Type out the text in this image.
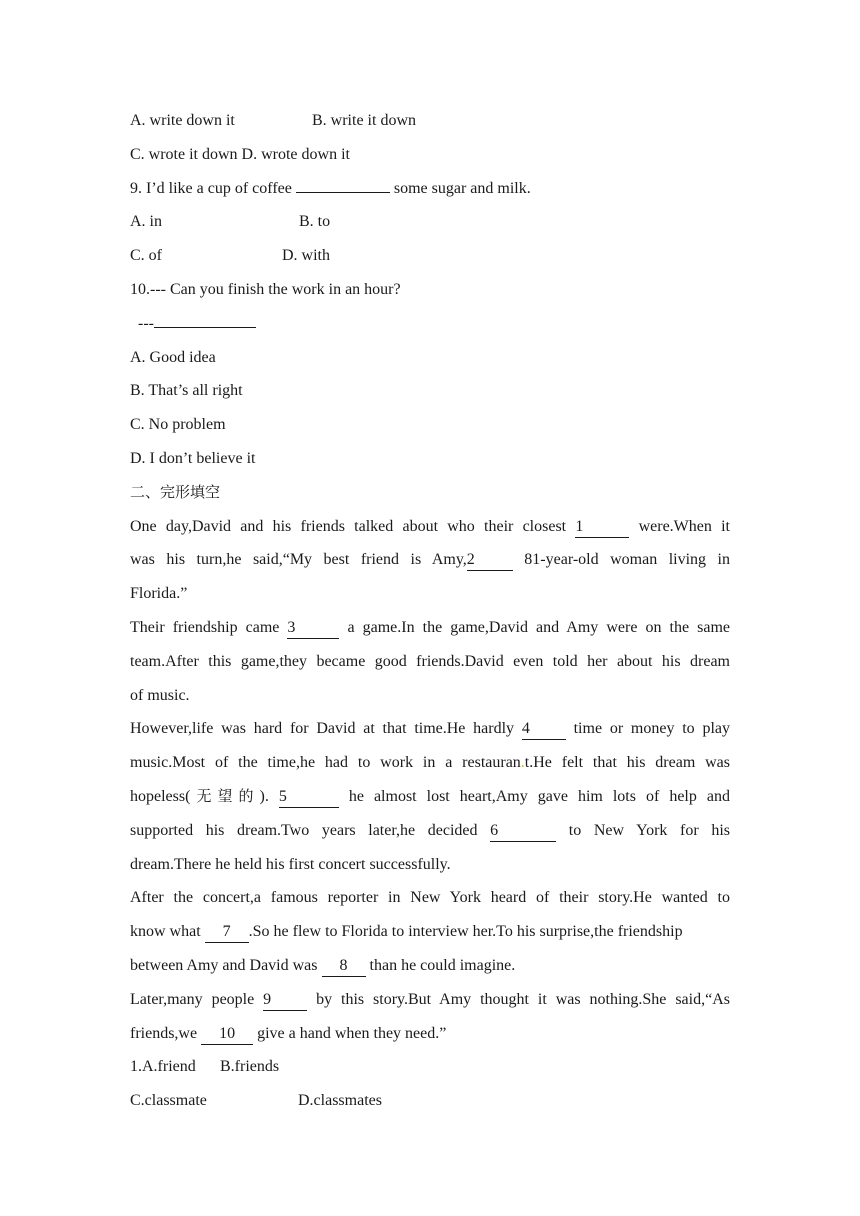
A. write down it	B. write it down
C. wrote it down D. wrote down it
9. I’d like a cup of coffee	some sugar and milk.
A. in	B. to
C. of	D. with
10.--- Can you finish the work in an hour?
---
A. Good idea
B. That’s all right
C. No problem
D. I don’t believe it
二、完形填空
One day,David and his friends talked about who their closest 1	were.When it
was his turn,he said,“My best friend is Amy,2 81-year-old woman living in
Florida.”
Their friendship came 3	a game.In the game,David and Amy were on the same
team.After this game,they became good friends.David even told her about his dream
of music.
However,life was hard for David at that time.He hardly 4 time or money to play
music.Most of the time,he had to work in a restauran.t.He felt that his dream was
hopeless(无望的). 5	he almost lost heart,Amy gave him lots of help and
supported his dream.Two years later,he decided 6	to New York for his
dream.There he held his first concert successfully.
After the concert,a famous reporter in New York heard of their story.He wanted to
know what 7 .So he flew to Florida to interview her.To his surprise,the friendship
between Amy and David was 8 than he could imagine.
Later,many people 9 by this story.But Amy thought it was nothing.She said,“As
friends,we 10 give a hand when they need.”
1.A.friend B.friends
C.classmate	D.classmates
